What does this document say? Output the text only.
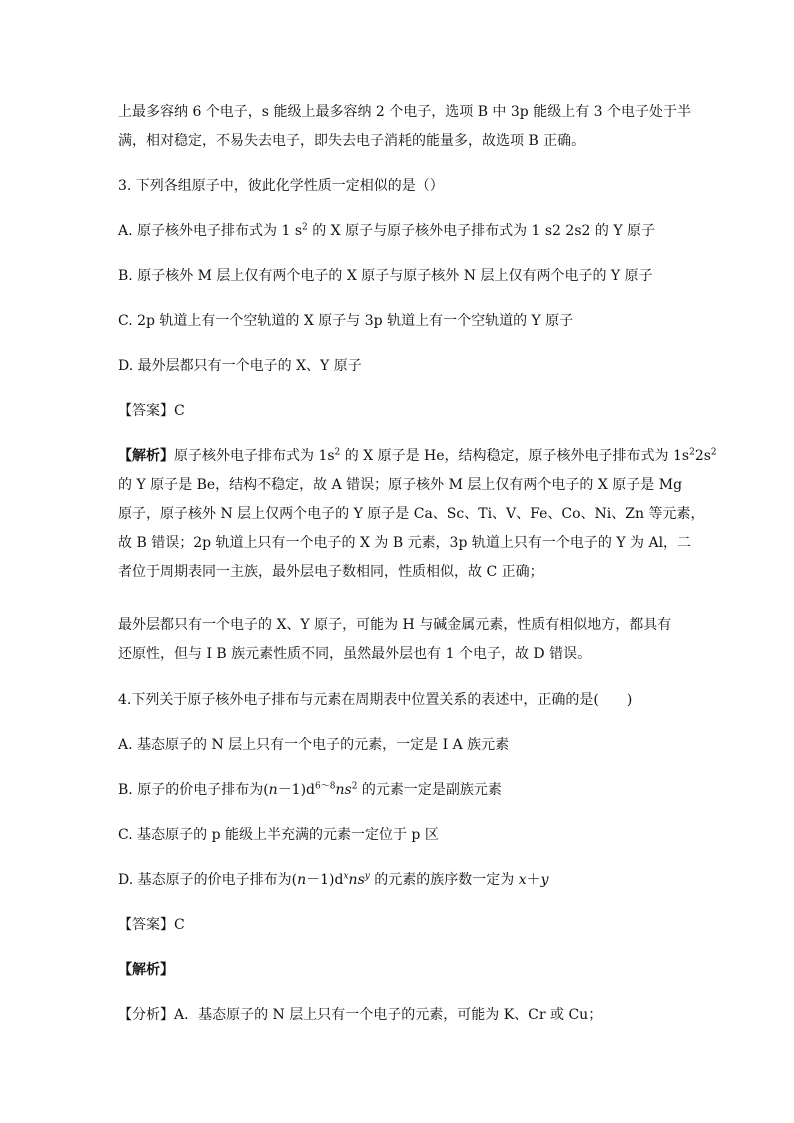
上最多容纳 6 个电子，s 能级上最多容纳 2 个电子，选项 B 中 3p 能级上有 3 个电子处于半

满，相对稳定，不易失去电子，即失去电子消耗的能量多，故选项 B 正确。

3. 下列各组原子中，彼此化学性质一定相似的是（）

A. 原子核外电子排布式为 1 $s^2$ 的 X 原子与原子核外电子排布式为 1 s2 2s2 的 Y 原子

B. 原子核外 M 层上仅有两个电子的 X 原子与原子核外 N 层上仅有两个电子的 Y 原子

C. 2p 轨道上有一个空轨道的 X 原子与 3p 轨道上有一个空轨道的 Y 原子

D. 最外层都只有一个电子的 X、Y 原子

【答案】C

【解析】原子核外电子排布式为 $1s^2$ 的 X 原子是 He，结构稳定，原子核外电子排布式为 $1s^22s^2$

的 Y 原子是 Be，结构不稳定，故 A 错误；原子核外 M 层上仅有两个电子的 X 原子是 Mg

原子，原子核外 N 层上仅两个电子的 Y 原子是 Ca、Sc、Ti、V、Fe、Co、Ni、Zn 等元素，

故 B 错误；2p 轨道上只有一个电子的 X 为 B 元素，3p 轨道上只有一个电子的 Y 为 Al，二

者位于周期表同一主族，最外层电子数相同，性质相似，故 C 正确；

最外层都只有一个电子的 X、Y 原子，可能为 H 与碱金属元素，性质有相似地方，都具有

还原性，但与 I B 族元素性质不同，虽然最外层也有 1 个电子，故 D 错误。

4.下列关于原子核外电子排布与元素在周期表中位置关系的表述中，正确的是(　　)

A. 基态原子的 N 层上只有一个电子的元素，一定是 I A 族元素

B. 原子的价电子排布为$(n-1)d^{6\sim 8}ns^2$ 的元素一定是副族元素

C. 基态原子的 p 能级上半充满的元素一定位于 p 区

D. 基态原子的价电子排布为$(n-1)d^xns^y$ 的元素的族序数一定为 x＋y

【答案】C

【解析】

【分析】A．基态原子的 N 层上只有一个电子的元素，可能为 K、Cr 或 Cu；
